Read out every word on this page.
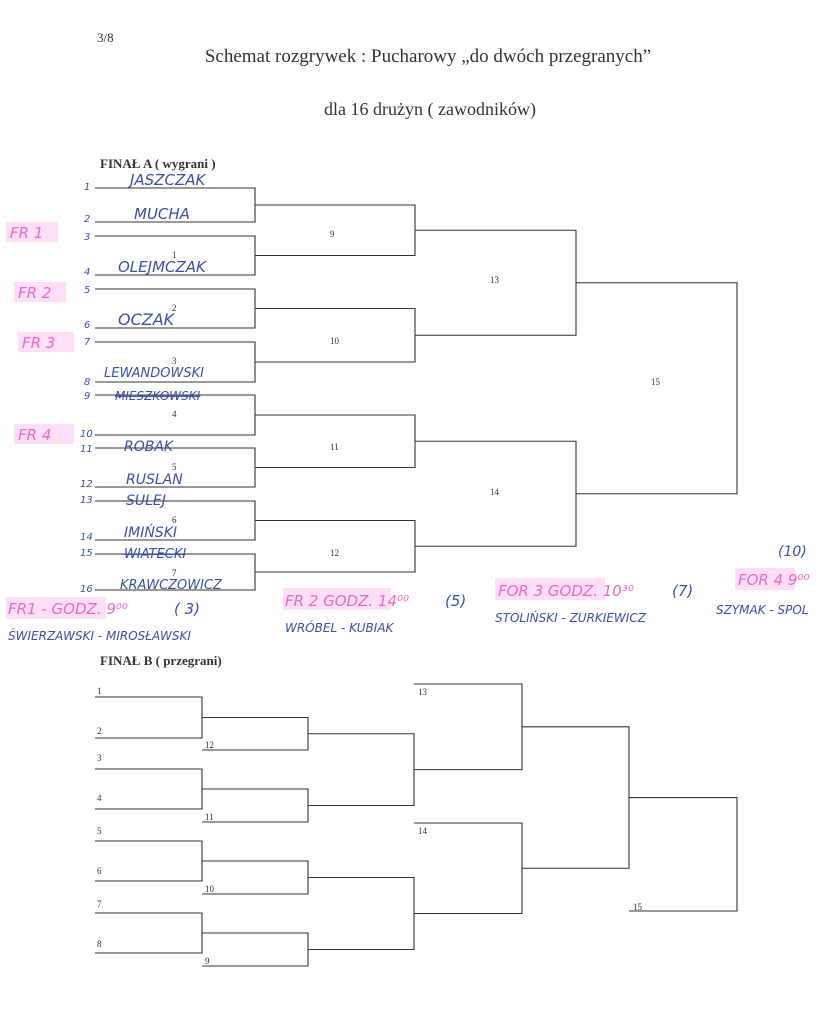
3/8
Schemat rozgrywek : Pucharowy „do dwóch przegranych”
dla 16 drużyn ( zawodników)
FINAŁ A ( wygrani )
FINAŁ B ( przegrani)
1
2
3
4
5
6
7
8
9
10
11
12
13
14
15
16
1
2
3
4
5
6
7
9
10
11
12
13
14
15
JASZCZAK
MUCHA
OLEJMCZAK
OCZAK
LEWANDOWSKI
MIESZKOWSKI
ROBAK
RUSLAN
SULEJ
IMIŃSKI
WIATECKI
KRAWCZOWICZ
FR 1
FR 2
FR 3
FR 4
FR1 - GODZ. 9⁰⁰	( 3)
ŚWIERZAWSKI - MIROSŁAWSKI
FR 2 GODZ. 14⁰⁰ (5)
WRÓBEL - KUBIAK
FOR 3 GODZ. 10³⁰	(7)
STOLIŃSKI - ZURKIEWICZ
FOR 4 9⁰⁰
(10)
SZYMAK - SPOL
1
2
3
4
5
6
7
8
12
11
10
9
13
14
15
